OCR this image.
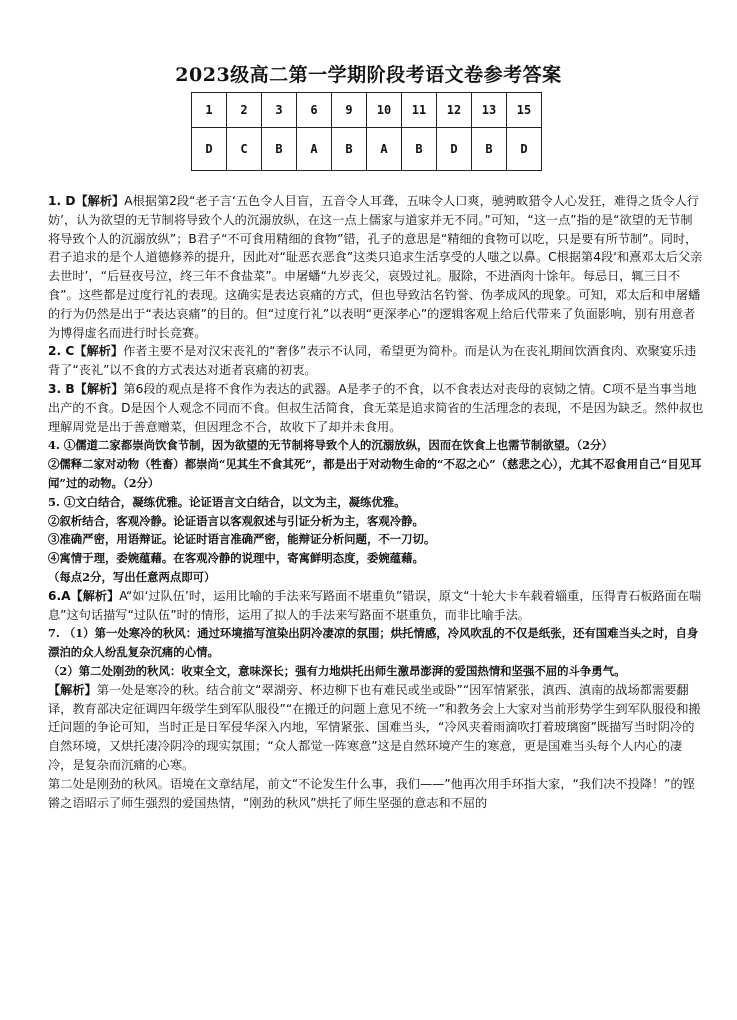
2023级高二第一学期阶段考语文卷参考答案
1	2	3	6	9	10	11	12	13	15
D	C	B	A	B	A	B	D	B	D

1. D【解析】A根据第2段“老子言‘五色令人目盲，五音令人耳聋，五味令人口爽，驰骋畋猎令人心发狂，难得之货令人行妨’，认为欲望的无节制将导致个人的沉溺放纵，在这一点上儒家与道家并无不同。”可知，“这一点”指的是“欲望的无节制将导致个人的沉溺放纵”；B君子“不可食用精细的食物”错，孔子的意思是“精细的食物可以吃，只是要有所节制”。同时，君子追求的是个人道德修养的提升，因此对“耻恶衣恶食”这类只追求生活享受的人嗤之以鼻。C根据第4段‘和熹邓太后父亲去世时’，“后昼夜号泣，终三年不食盐菜”。申屠蟠“九岁丧父，哀毁过礼。服除，不进酒肉十馀年。每忌日，辄三日不食”。这些都是过度行礼的表现。这确实是表达哀痛的方式，但也导致沽名钓誉、伪孝成风的现象。可知，邓太后和申屠蟠的行为仍然是出于“表达哀痛”的目的。但“过度行礼”以表明“更深孝心”的逻辑客观上给后代带来了负面影响，别有用意者为博得虚名而进行时长竞赛。

2. C【解析】作者主要不是对汉宋丧礼的“奢侈”表示不认同，希望更为简朴。而是认为在丧礼期间饮酒食肉、欢聚宴乐违背了“丧礼”以不食的方式表达对逝者哀痛的初衷。

3. B【解析】第6段的观点是将不食作为表达的武器。A是孝子的不食，以不食表达对丧母的哀恸之情。C项不是当事当地出产的不食。D是因个人观念不同而不食。但叔生活简食，食无菜是追求简省的生活理念的表现，不是因为缺乏。然仲叔也理解周党是出于善意赠菜，但因理念不合，故收下了却并未食用。

4. ①儒道二家都崇尚饮食节制，因为欲望的无节制将导致个人的沉溺放纵，因而在饮食上也需节制欲望。（2分）

②儒释二家对动物（牲畜）都崇尚“见其生不食其死”，都是出于对动物生命的“不忍之心”（慈悲之心），尤其不忍食用自己“目见耳闻”过的动物。（2分）

5. ①文白结合，凝练优雅。论证语言文白结合，以文为主，凝练优雅。

②叙析结合，客观冷静。论证语言以客观叙述与引证分析为主，客观冷静。

③准确严密，用语辩证。论证时语言准确严密，能辩证分析问题，不一刀切。

④寓情于理，委婉蕴藉。在客观冷静的说理中，寄寓鲜明态度，委婉蕴藉。

（每点2分，写出任意两点即可）

6.A【解析】A“如‘过队伍’时，运用比喻的手法来写路面不堪重负”错误，原文“十轮大卡车载着辎重，压得青石板路面在喘息”这句话描写“过队伍”时的情形，运用了拟人的手法来写路面不堪重负，而非比喻手法。

7. （1）第一处寒冷的秋风：通过环境描写渲染出阴冷凄凉的氛围；烘托情感，冷风吹乱的不仅是纸张，还有国难当头之时，自身漂泊的众人纷乱复杂沉痛的心情。

（2）第二处刚劲的秋风：收束全文，意味深长；强有力地烘托出师生激昂澎湃的爱国热情和坚强不屈的斗争勇气。

【解析】第一处是寒冷的秋。结合前文“翠湖旁、杯边柳下也有难民或坐或卧”“因军情紧张，滇西、滇南的战场都需要翻译，教育部决定征调四年级学生到军队服役”“在搬迁的问题上意见不统一”和教务会上大家对当前形势学生到军队服役和搬迁问题的争论可知，当时正是日军侵华深入内地，军情紧张、国难当头，“冷风夹着雨滴吹打着玻璃窗”既描写当时阴冷的自然环境，又烘托凄冷阴冷的现实氛围；“众人都觉一阵寒意”这是自然环境产生的寒意，更是国难当头每个人内心的凄冷，是复杂而沉痛的心寒。

第二处是刚劲的秋风。语境在文章结尾，前文“不论发生什么事，我们——”他再次用手环指大家，“我们决不投降！”的铿锵之语昭示了师生强烈的爱国热情，“刚劲的秋风”烘托了师生坚强的意志和不屈的
